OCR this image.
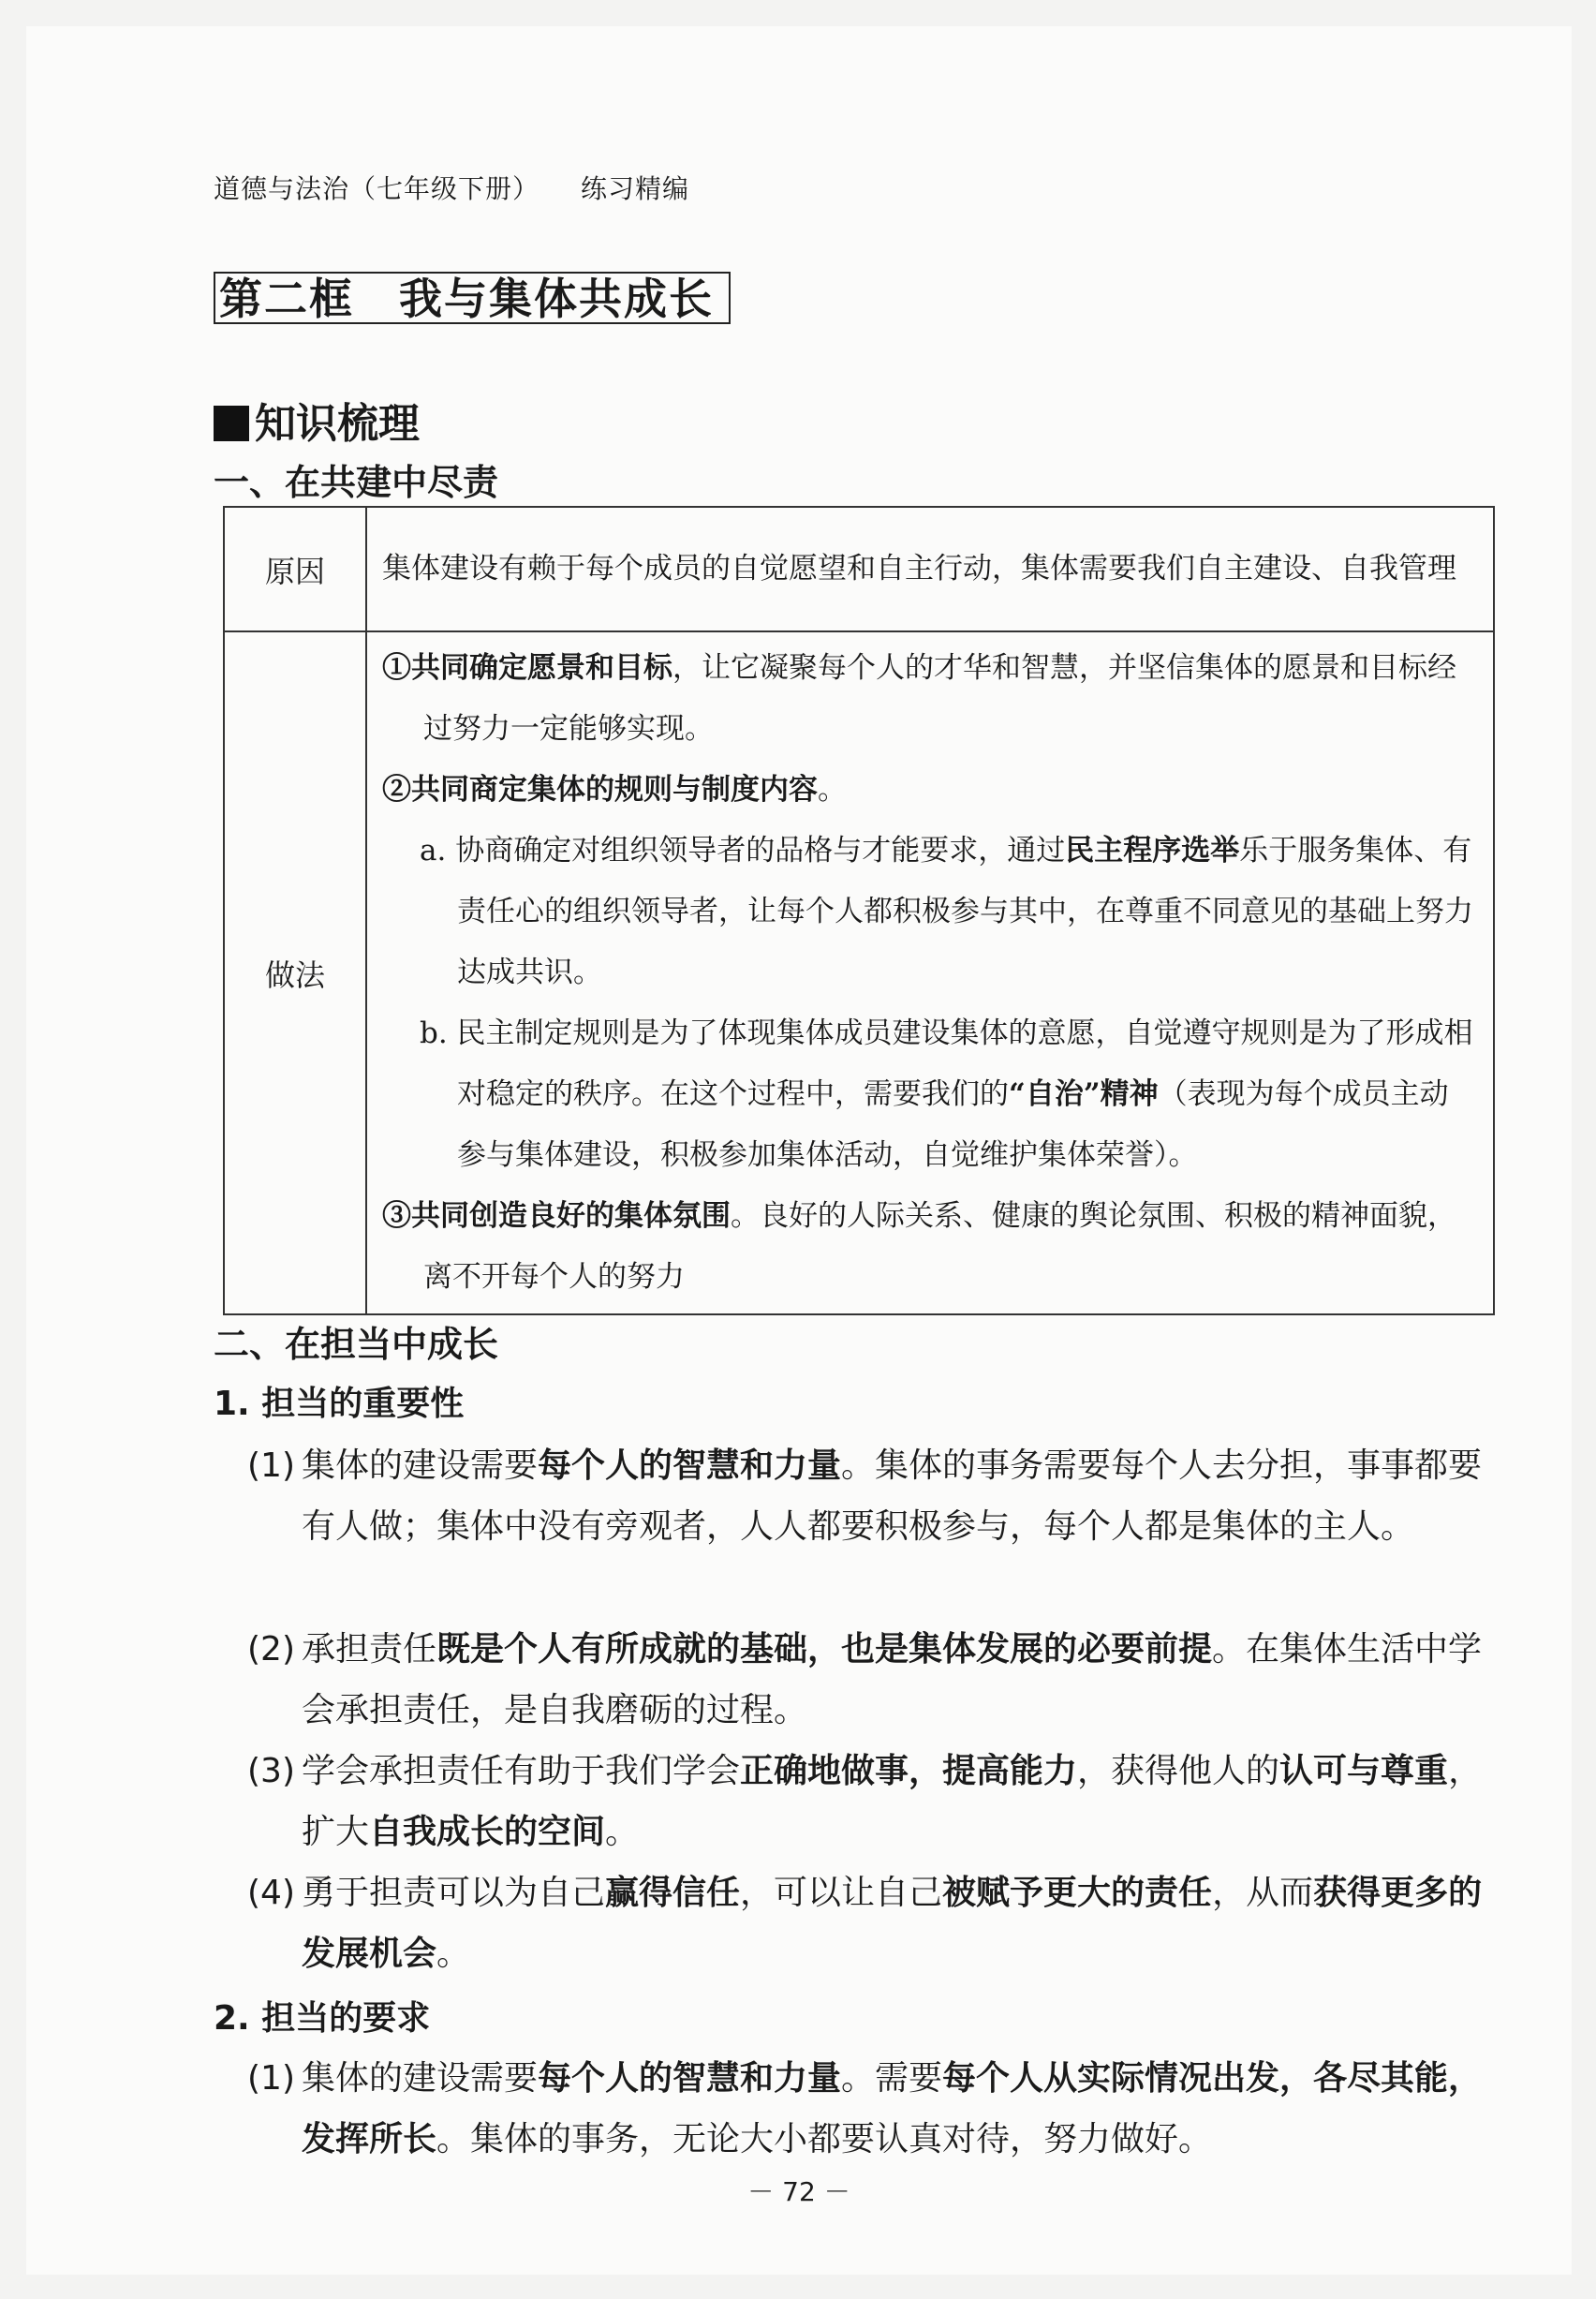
道德与法治（七年级下册） 练习精编
第二框　我与集体共成长
知识梳理
一、在共建中尽责
原因	集体建设有赖于每个成员的自觉愿望和自主行动，集体需要我们自主建设、自我管理
做法	①共同确定愿景和目标，让它凝聚每个人的才华和智慧，并坚信集体的愿景和目标经过努力一定能够实现。
②共同商定集体的规则与制度内容。
a. 协商确定对组织领导者的品格与才能要求，通过民主程序选举乐于服务集体、有责任心的组织领导者，让每个人都积极参与其中，在尊重不同意见的基础上努力达成共识。
b. 民主制定规则是为了体现集体成员建设集体的意愿，自觉遵守规则是为了形成相对稳定的秩序。在这个过程中，需要我们的“自治”精神（表现为每个成员主动参与集体建设，积极参加集体活动，自觉维护集体荣誉）。
③共同创造良好的集体氛围。良好的人际关系、健康的舆论氛围、积极的精神面貌，离不开每个人的努力
二、在担当中成长
1. 担当的重要性
(1) 集体的建设需要每个人的智慧和力量。集体的事务需要每个人去分担，事事都要有人做；集体中没有旁观者，人人都要积极参与，每个人都是集体的主人。
(2) 承担责任既是个人有所成就的基础，也是集体发展的必要前提。在集体生活中学会承担责任，是自我磨砺的过程。
(3) 学会承担责任有助于我们学会正确地做事，提高能力，获得他人的认可与尊重，扩大自我成长的空间。
(4) 勇于担责可以为自己赢得信任，可以让自己被赋予更大的责任，从而获得更多的发展机会。
2. 担当的要求
(1) 集体的建设需要每个人的智慧和力量。需要每个人从实际情况出发，各尽其能，发挥所长。集体的事务，无论大小都要认真对待，努力做好。
－ 72 －
